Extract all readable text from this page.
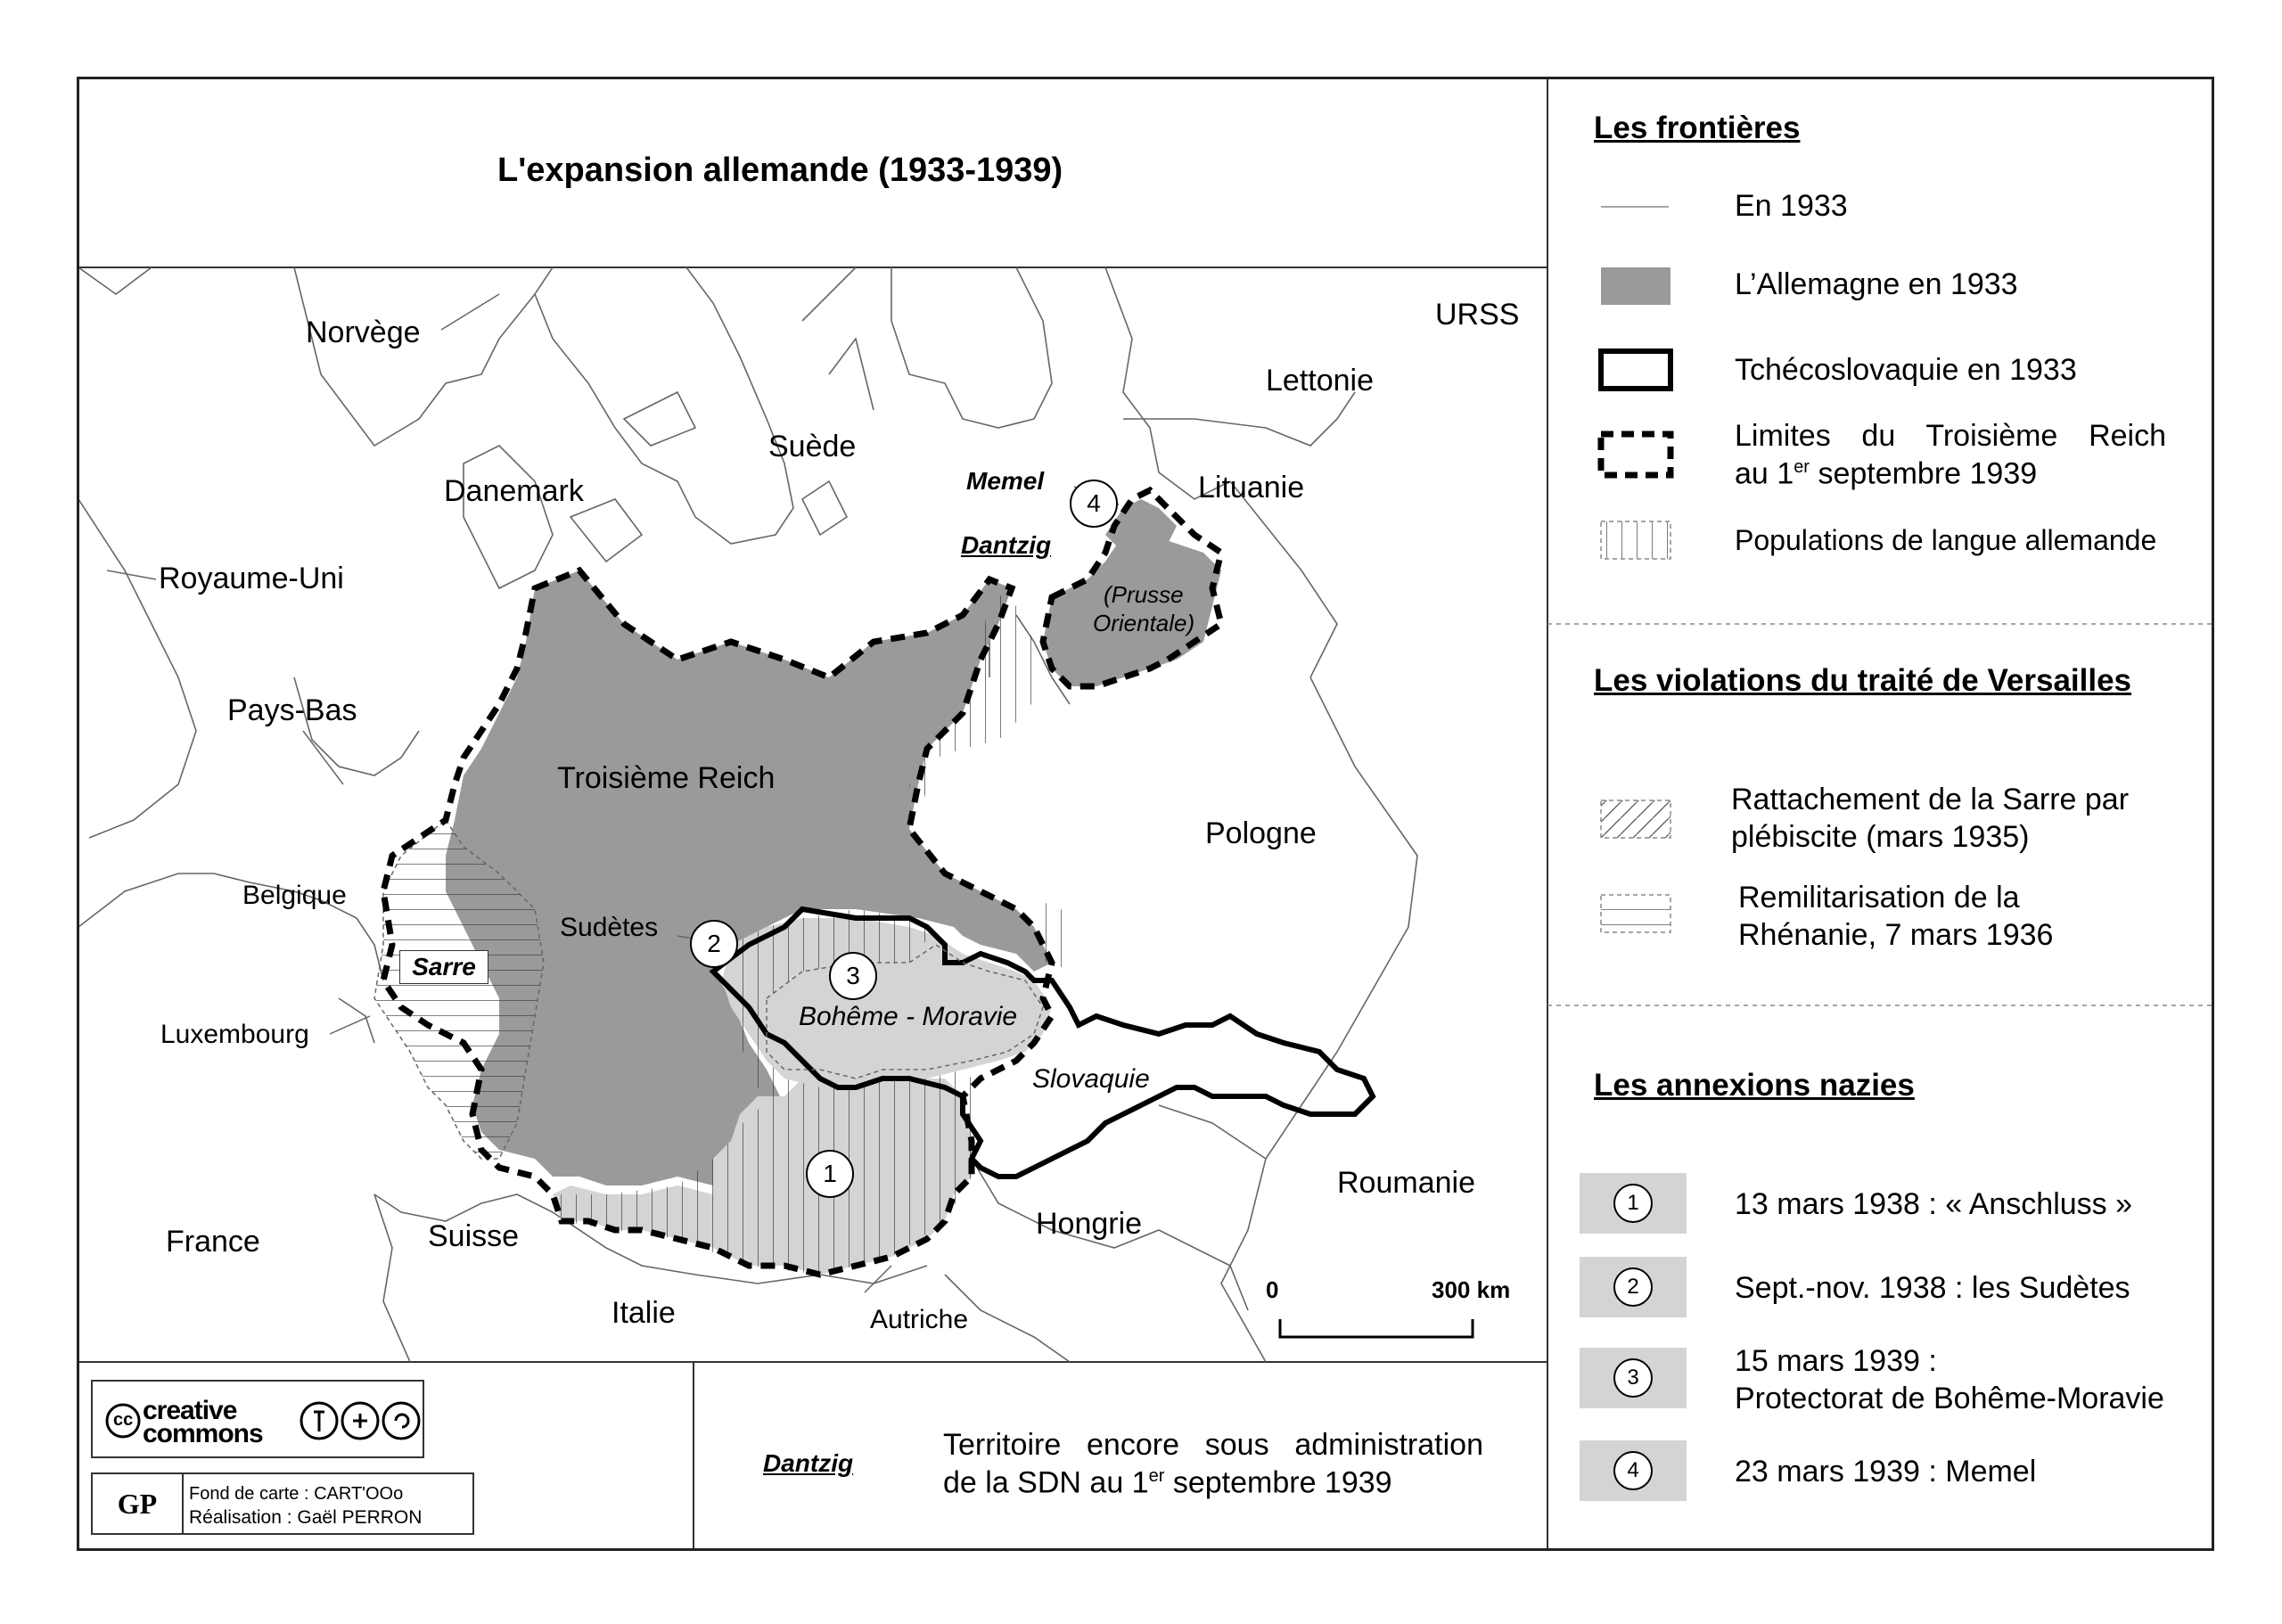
L'expansion allemande (1933-1939)
Norvège
Suède
URSS
Lettonie
Lituanie
Danemark
Royaume-Uni
Pays-Bas
Belgique
Luxembourg
France	Suisse
Italie
Pologne
Hongrie
Roumanie
Troisième Reich
Sudètes
Sarre
Bohême - Moravie
Slovaquie
Autriche
(Prusse
Orientale)
Memel
Dantzig
1
2
3
4
0	300 km
Les frontières
En 1933
L’Allemagne en 1933
Tchécoslovaquie en 1933
Limites du Troisième Reich
au 1er septembre 1939
Populations de langue allemande
Les violations du traité de Versailles
Rattachement de la Sarre par
plébiscite (mars 1935)
Remilitarisation de la
Rhénanie, 7 mars 1936
Les annexions nazies
1	13 mars 1938 : « Anschluss »
2	Sept.-nov. 1938 : les Sudètes
3	15 mars 1939 :
Protectorat de Bohême-Moravie
4	23 mars 1939 : Memel
cc creative
commons
GP	Fond de carte : CART'OOo
Réalisation : Gaël PERRON
Dantzig
Territoire encore sous administration
de la SDN au 1er septembre 1939
